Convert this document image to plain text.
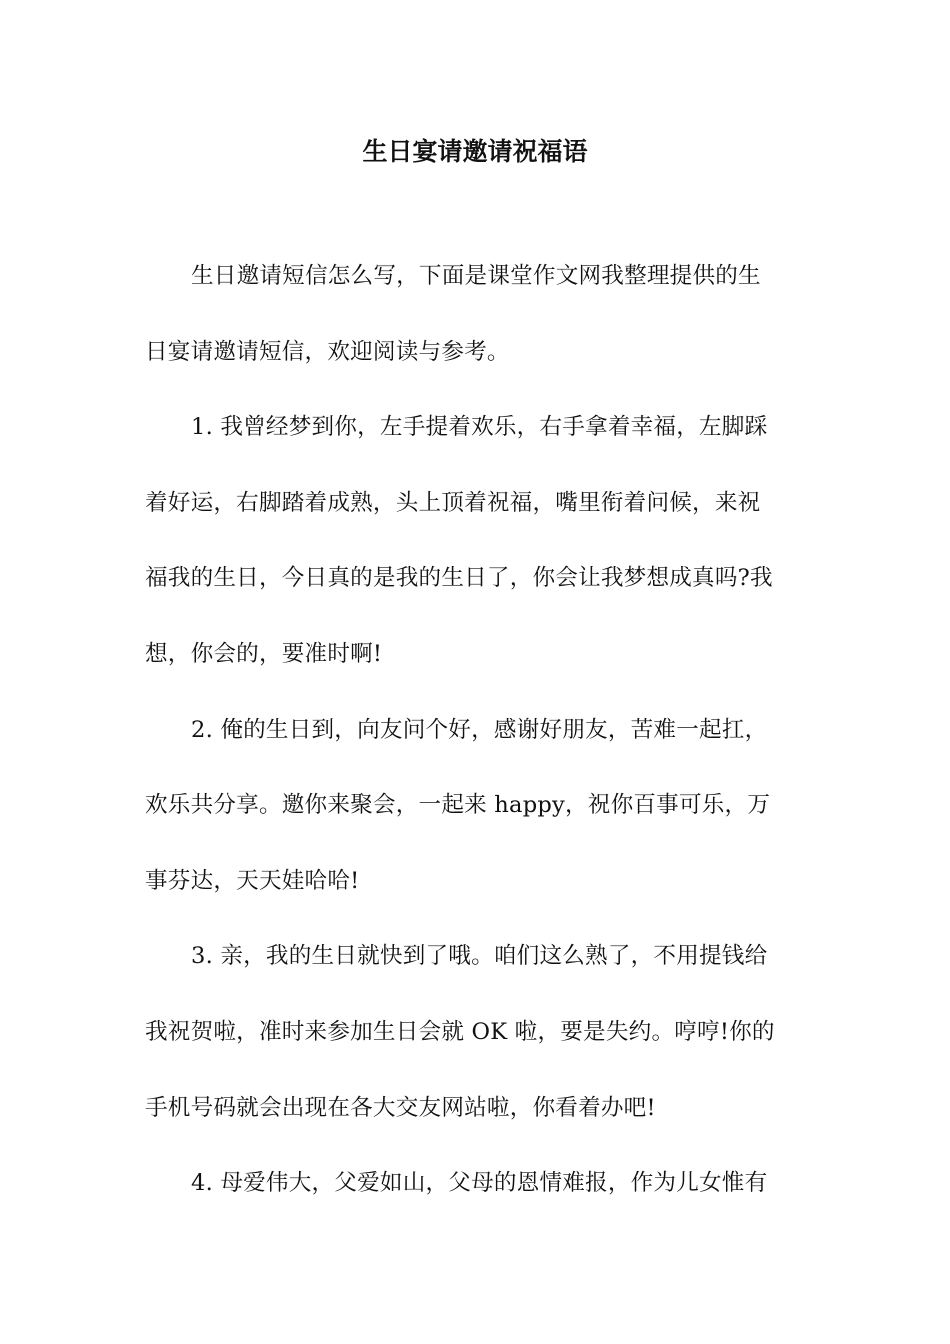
生日宴请邀请祝福语
生日邀请短信怎么写，下面是课堂作文网我整理提供的生
日宴请邀请短信，欢迎阅读与参考。
1. 我曾经梦到你，左手提着欢乐，右手拿着幸福，左脚踩
着好运，右脚踏着成熟，头上顶着祝福，嘴里衔着问候，来祝
福我的生日，今日真的是我的生日了，你会让我梦想成真吗?我
想，你会的，要准时啊!
2. 俺的生日到，向友问个好，感谢好朋友，苦难一起扛，
欢乐共分享。邀你来聚会，一起来 happy，祝你百事可乐，万
事芬达，天天娃哈哈!
3. 亲，我的生日就快到了哦。咱们这么熟了，不用提钱给
我祝贺啦，准时来参加生日会就 OK 啦，要是失约。哼哼!你的
手机号码就会出现在各大交友网站啦，你看着办吧!
4. 母爱伟大，父爱如山，父母的恩情难报，作为儿女惟有
